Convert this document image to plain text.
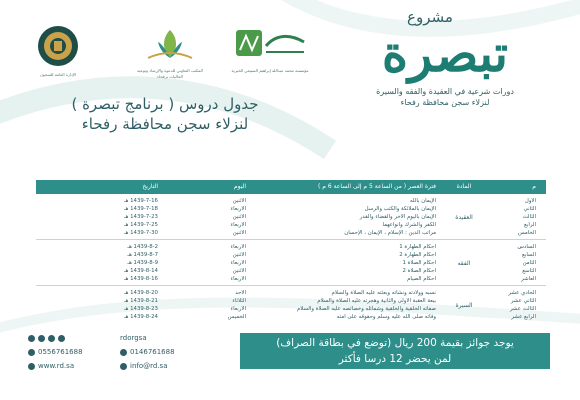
الإدارة العامة للسجون
المكتب التعاوني للدعوة والإرشاد وتوعية الجاليات برفحاء
مؤسسة محمد عبدالله إبراهيم السبيعي الخيرية
مشروع
تبصرة
دورات شرعية في العقيدة والفقه والسيرة
لنزلاء سجن محافظة رفحاء
جدول دروس ( برنامج تبصرة )
لنزلاء سجن محافظة رفحاء
م
المادة
فترة العصر ( من الساعة 5 م إلى الساعة 6 م )
اليوم
التاريخ
العقيدة
الأول
الإيمان بالله
الاثنين
1439-7-16 هـ
الثاني
الإيمان بالملائكة والكتب والرسل
الأربعاء
1439-7-18 هـ
الثالث
الإيمان باليوم الآخر والقضاء والقدر
الاثنين
1439-7-23 هـ
الرابع
الكفر والشرك وأنواعهما
الأربعاء
1439-7-25 هـ
الخامس
مراتب الدين : الإسلام ، الإيمان ، الإحسان
الاثنين
1439-7-30 هـ
الفقه
السادس
أحكام الطهارة 1
الأربعاء
1439-8-2 هـ
السابع
أحكام الطهارة 2
الاثنين
1439-8-7 هـ
الثامن
أحكام الصلاة 1
الأربعاء
1439-8-9 هـ
التاسع
أحكام الصلاة 2
الاثنين
1439-8-14 هـ
العاشر
أحكام الصيام
الأربعاء
1439-8-16 هـ
السيرة
الحادي عشر
نسبه وولادته ونشأته وبعثته عليه الصلاة والسلام
الأحد
1439-8-20 هـ
الثاني عشر
بيعة العقبة الأولى والثانية وهجرته عليه الصلاة والسلام
الثلاثاء
1439-8-21 هـ
الثالث عشر
صفاته الخلقية والخلقية وشمائله وخصائصه عليه الصلاة والسلام
الأربعاء
1439-8-23 هـ
الرابع عشر
وفاته صلى الله عليه وسلم وحقوقه على أمته
الخميس
1439-8-24 هـ
يوجد جوائز بقيمة 200 ريال (توضع في بطاقة الصراف)
لمن يحضر 12 درسا فأكثر
rdorgsa
0556761688	0146761688
www.rd.sa	info@rd.sa
